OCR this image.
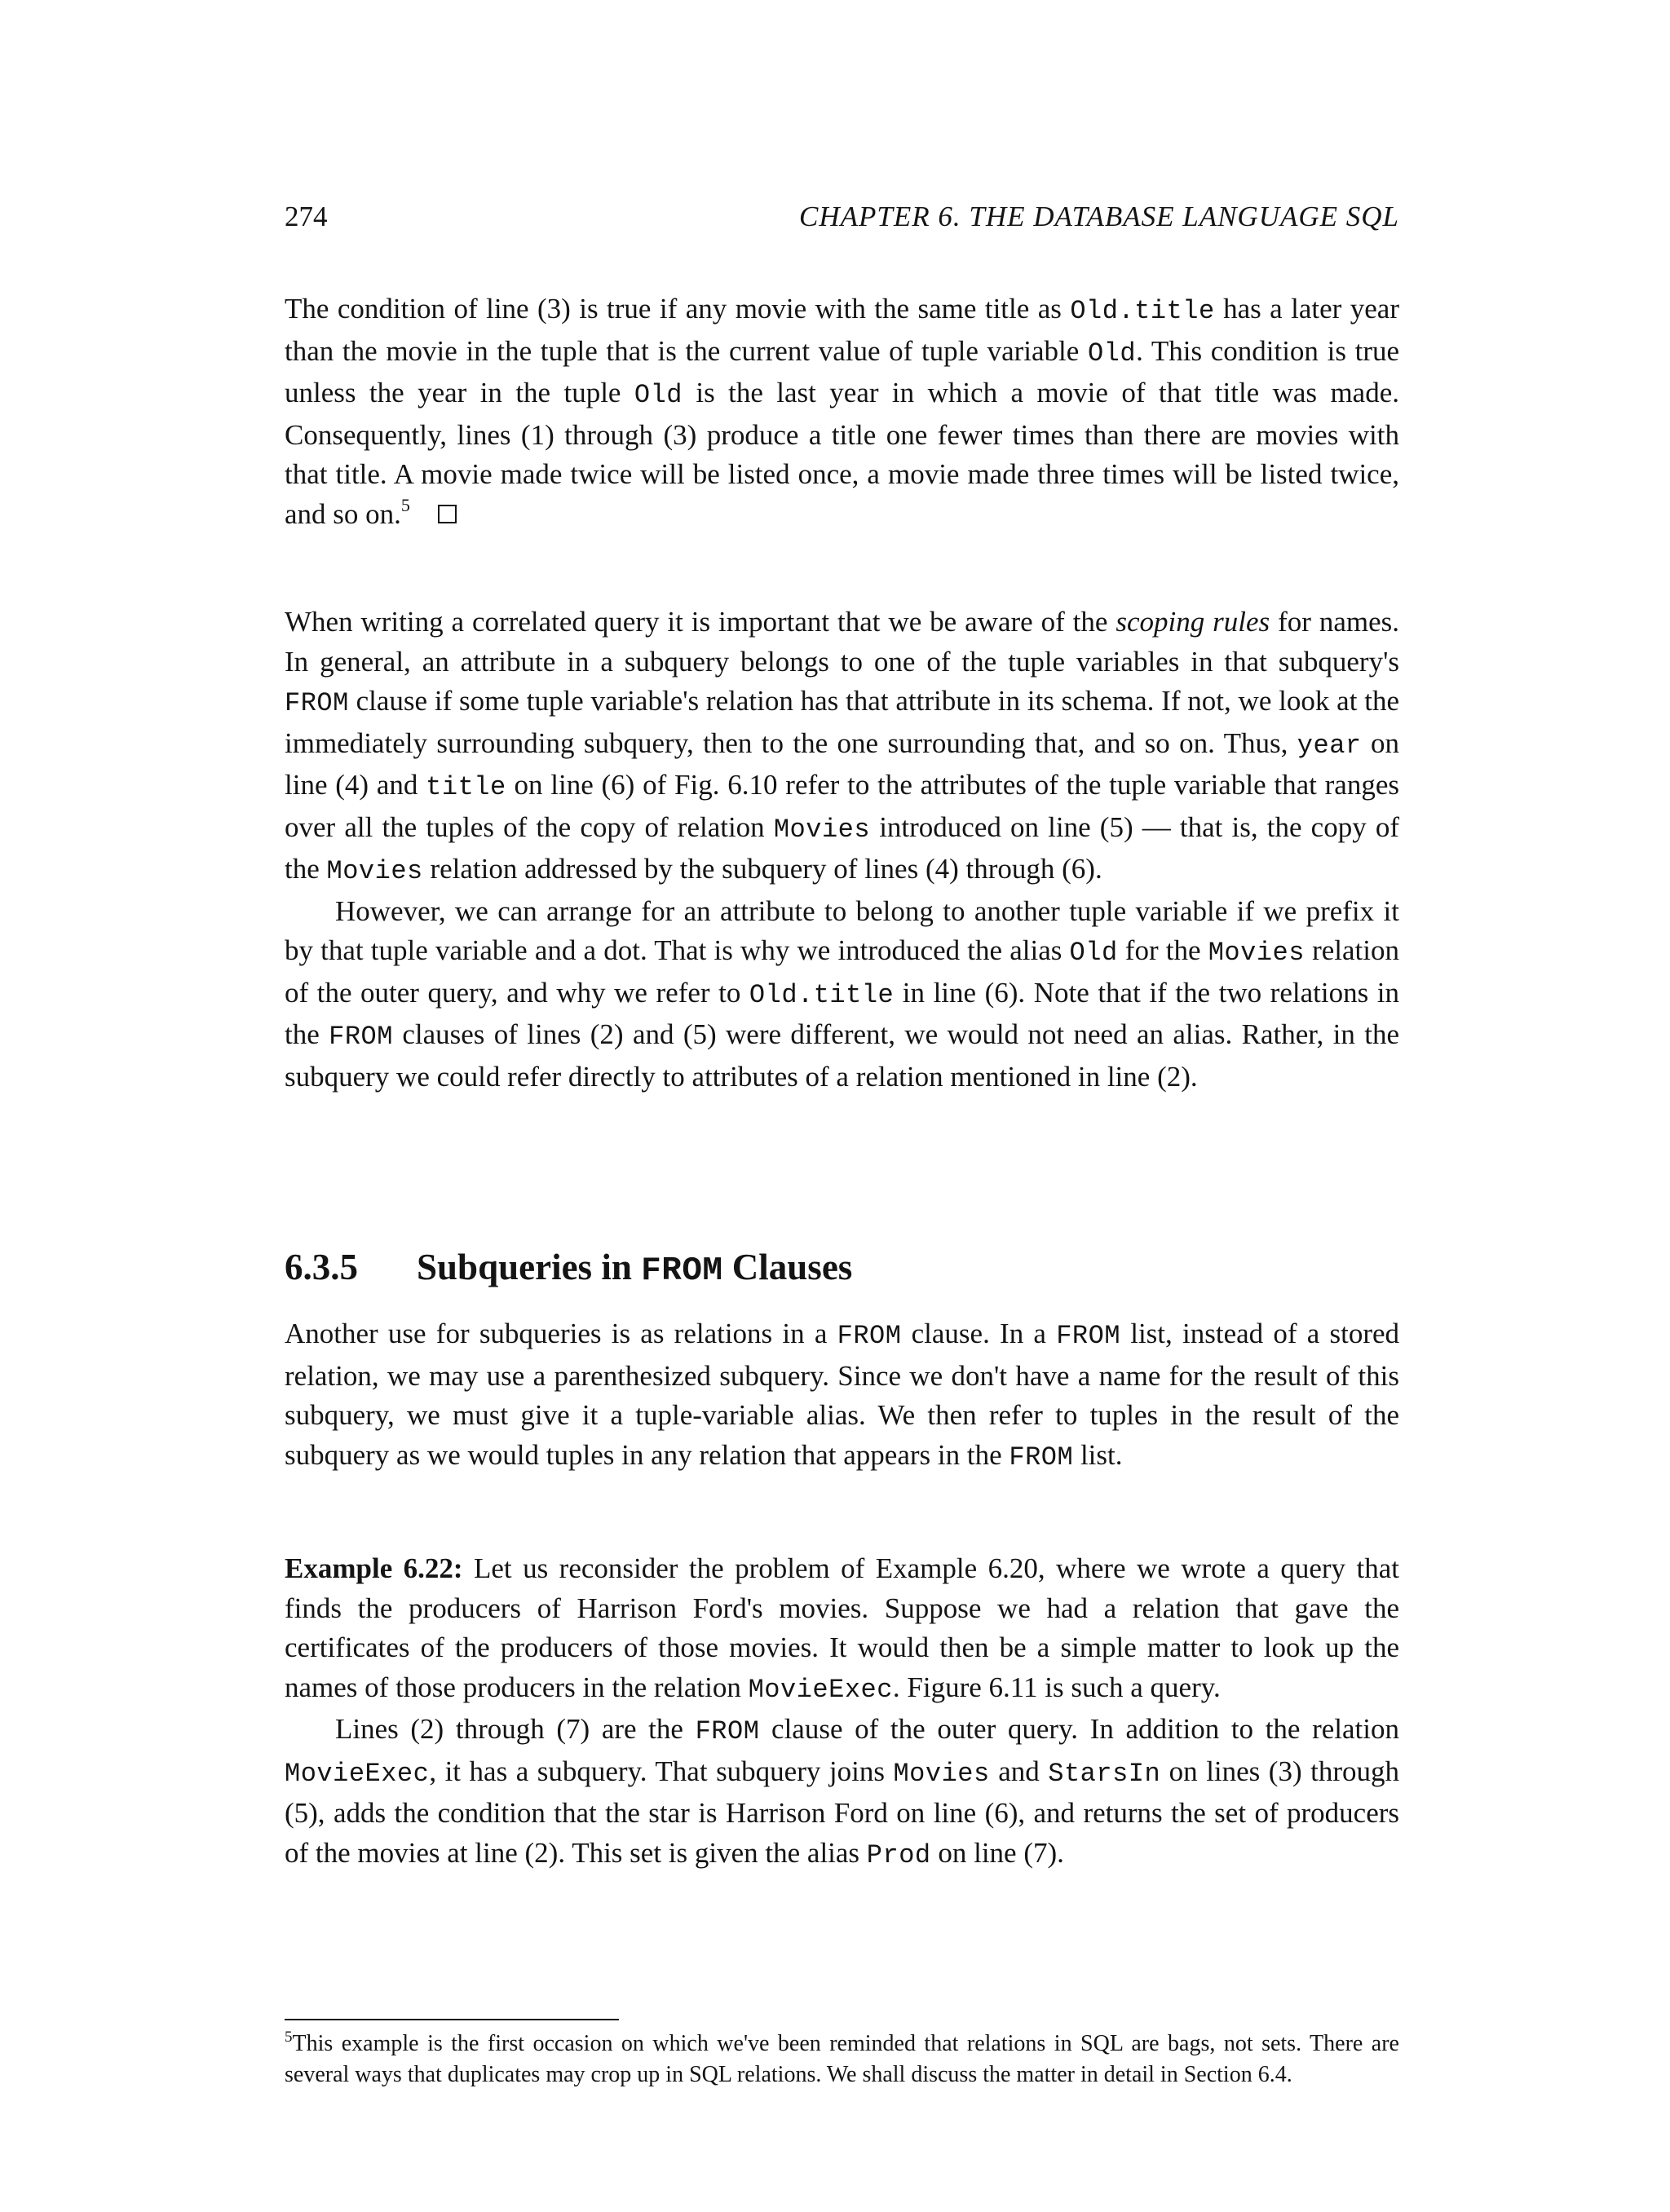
274	CHAPTER 6. THE DATABASE LANGUAGE SQL

The condition of line (3) is true if any movie with the same title as Old.title has a later year than the movie in the tuple that is the current value of tuple variable Old. This condition is true unless the year in the tuple Old is the last year in which a movie of that title was made. Consequently, lines (1) through (3) produce a title one fewer times than there are movies with that title. A movie made twice will be listed once, a movie made three times will be listed twice, and so on.$^5$

When writing a correlated query it is important that we be aware of the scoping rules for names. In general, an attribute in a subquery belongs to one of the tuple variables in that subquery's FROM clause if some tuple variable's relation has that attribute in its schema. If not, we look at the immediately surrounding subquery, then to the one surrounding that, and so on. Thus, year on line (4) and title on line (6) of Fig. 6.10 refer to the attributes of the tuple variable that ranges over all the tuples of the copy of relation Movies introduced on line (5) — that is, the copy of the Movies relation addressed by the subquery of lines (4) through (6).

However, we can arrange for an attribute to belong to another tuple variable if we prefix it by that tuple variable and a dot. That is why we introduced the alias Old for the Movies relation of the outer query, and why we refer to Old.title in line (6). Note that if the two relations in the FROM clauses of lines (2) and (5) were different, we would not need an alias. Rather, in the subquery we could refer directly to attributes of a relation mentioned in line (2).

6.3.5 Subqueries in FROM Clauses

Another use for subqueries is as relations in a FROM clause. In a FROM list, instead of a stored relation, we may use a parenthesized subquery. Since we don't have a name for the result of this subquery, we must give it a tuple-variable alias. We then refer to tuples in the result of the subquery as we would tuples in any relation that appears in the FROM list.

Example 6.22: Let us reconsider the problem of Example 6.20, where we wrote a query that finds the producers of Harrison Ford's movies. Suppose we had a relation that gave the certificates of the producers of those movies. It would then be a simple matter to look up the names of those producers in the relation MovieExec. Figure 6.11 is such a query.

Lines (2) through (7) are the FROM clause of the outer query. In addition to the relation MovieExec, it has a subquery. That subquery joins Movies and StarsIn on lines (3) through (5), adds the condition that the star is Harrison Ford on line (6), and returns the set of producers of the movies at line (2). This set is given the alias Prod on line (7).

$^5$This example is the first occasion on which we've been reminded that relations in SQL are bags, not sets. There are several ways that duplicates may crop up in SQL relations. We shall discuss the matter in detail in Section 6.4.
